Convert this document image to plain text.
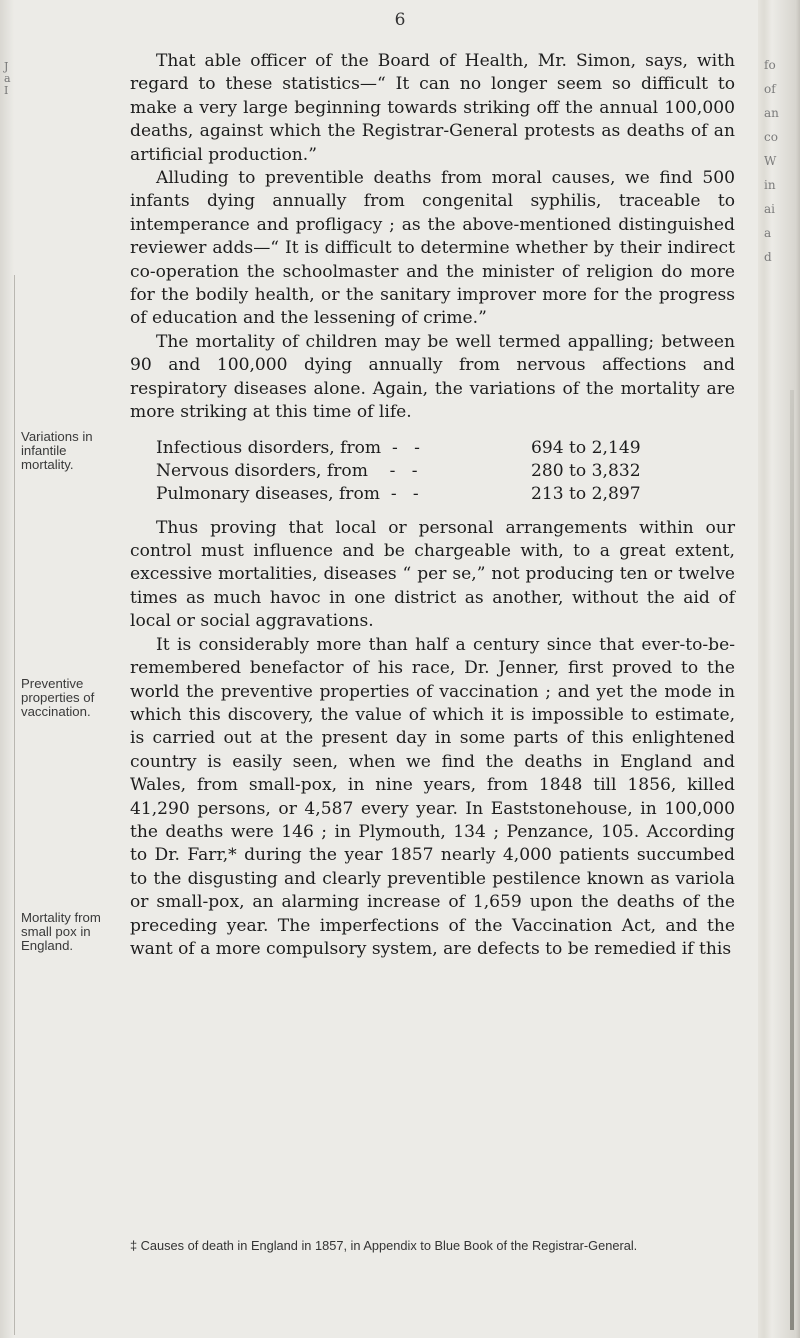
J
a
I
6
Variations in infantile mortality.
Preventive properties of vaccination.
Mortality from small pox in England.

That able officer of the Board of Health, Mr. Simon, says, with regard to these statistics—“ It can no longer seem so difficult to make a very large beginning towards striking off the annual 100,000 deaths, against which the Registrar-General protests as deaths of an artificial production.”

Alluding to preventible deaths from moral causes, we find 500 infants dying annually from congenital syphilis, traceable to intemperance and profligacy ; as the above-mentioned distinguished reviewer adds—“ It is difficult to determine whether by their indirect co-operation the schoolmaster and the minister of religion do more for the bodily health, or the sanitary improver more for the progress of education and the lessening of crime.”

The mortality of children may be well termed appalling; between 90 and 100,000 dying annually from nervous affections and respiratory diseases alone. Again, the variations of the mortality are more striking at this time of life.

Infectious disorders, from  -   -	694 to 2,149
Nervous disorders, from    -   -	280 to 3,832
Pulmonary diseases, from  -   -	213 to 2,897

Thus proving that local or personal arrangements within our control must influence and be chargeable with, to a great extent, excessive mortalities, diseases “ per se,” not producing ten or twelve times as much havoc in one district as another, without the aid of local or social aggravations.

It is considerably more than half a century since that ever-to-be-remembered benefactor of his race, Dr. Jenner, first proved to the world the preventive properties of vaccination ; and yet the mode in which this discovery, the value of which it is impossible to estimate, is carried out at the present day in some parts of this enlightened country is easily seen, when we find the deaths in England and Wales, from small-pox, in nine years, from 1848 till 1856, killed 41,290 persons, or 4,587 every year. In Eaststonehouse, in 100,000 the deaths were 146 ; in Plymouth, 134 ; Penzance, 105. According to Dr. Farr,* during the year 1857 nearly 4,000 patients succumbed to the disgusting and clearly preventible pestilence known as variola or small-pox, an alarming increase of 1,659 upon the deaths of the preceding year. The imperfections of the Vaccination Act, and the want of a more compulsory system, are defects to be remedied if this

‡ Causes of death in England in 1857, in Appendix to Blue Book of the Registrar-General.
fo
of
an
co
W
in
ai
a
d
